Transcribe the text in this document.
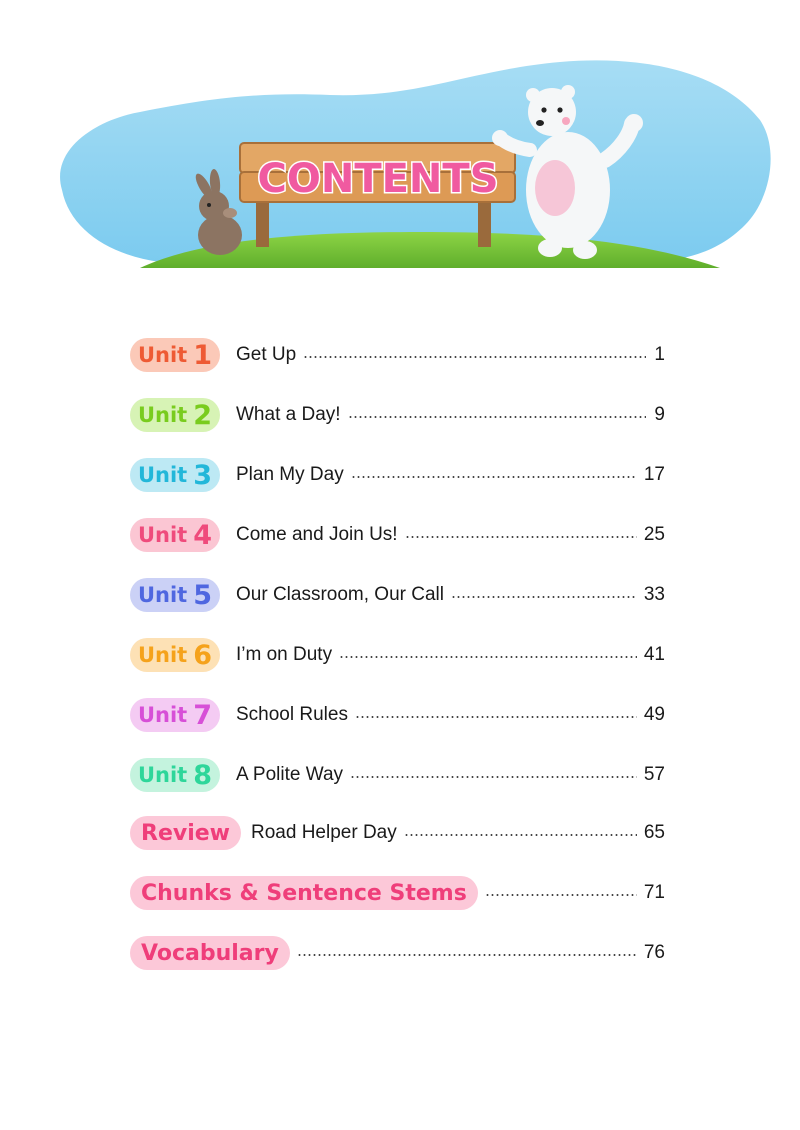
CONTENTS
Unit 1 Get Up	1
Unit 2 What a Day!	9
Unit 3 Plan My Day	17
Unit 4 Come and Join Us!	25
Unit 5 Our Classroom, Our Call	33
Unit 6 I’m on Duty	41
Unit 7 School Rules	49
Unit 8 A Polite Way	57
Review	Road Helper Day	65
Chunks & Sentence Stems	71
Vocabulary	76
